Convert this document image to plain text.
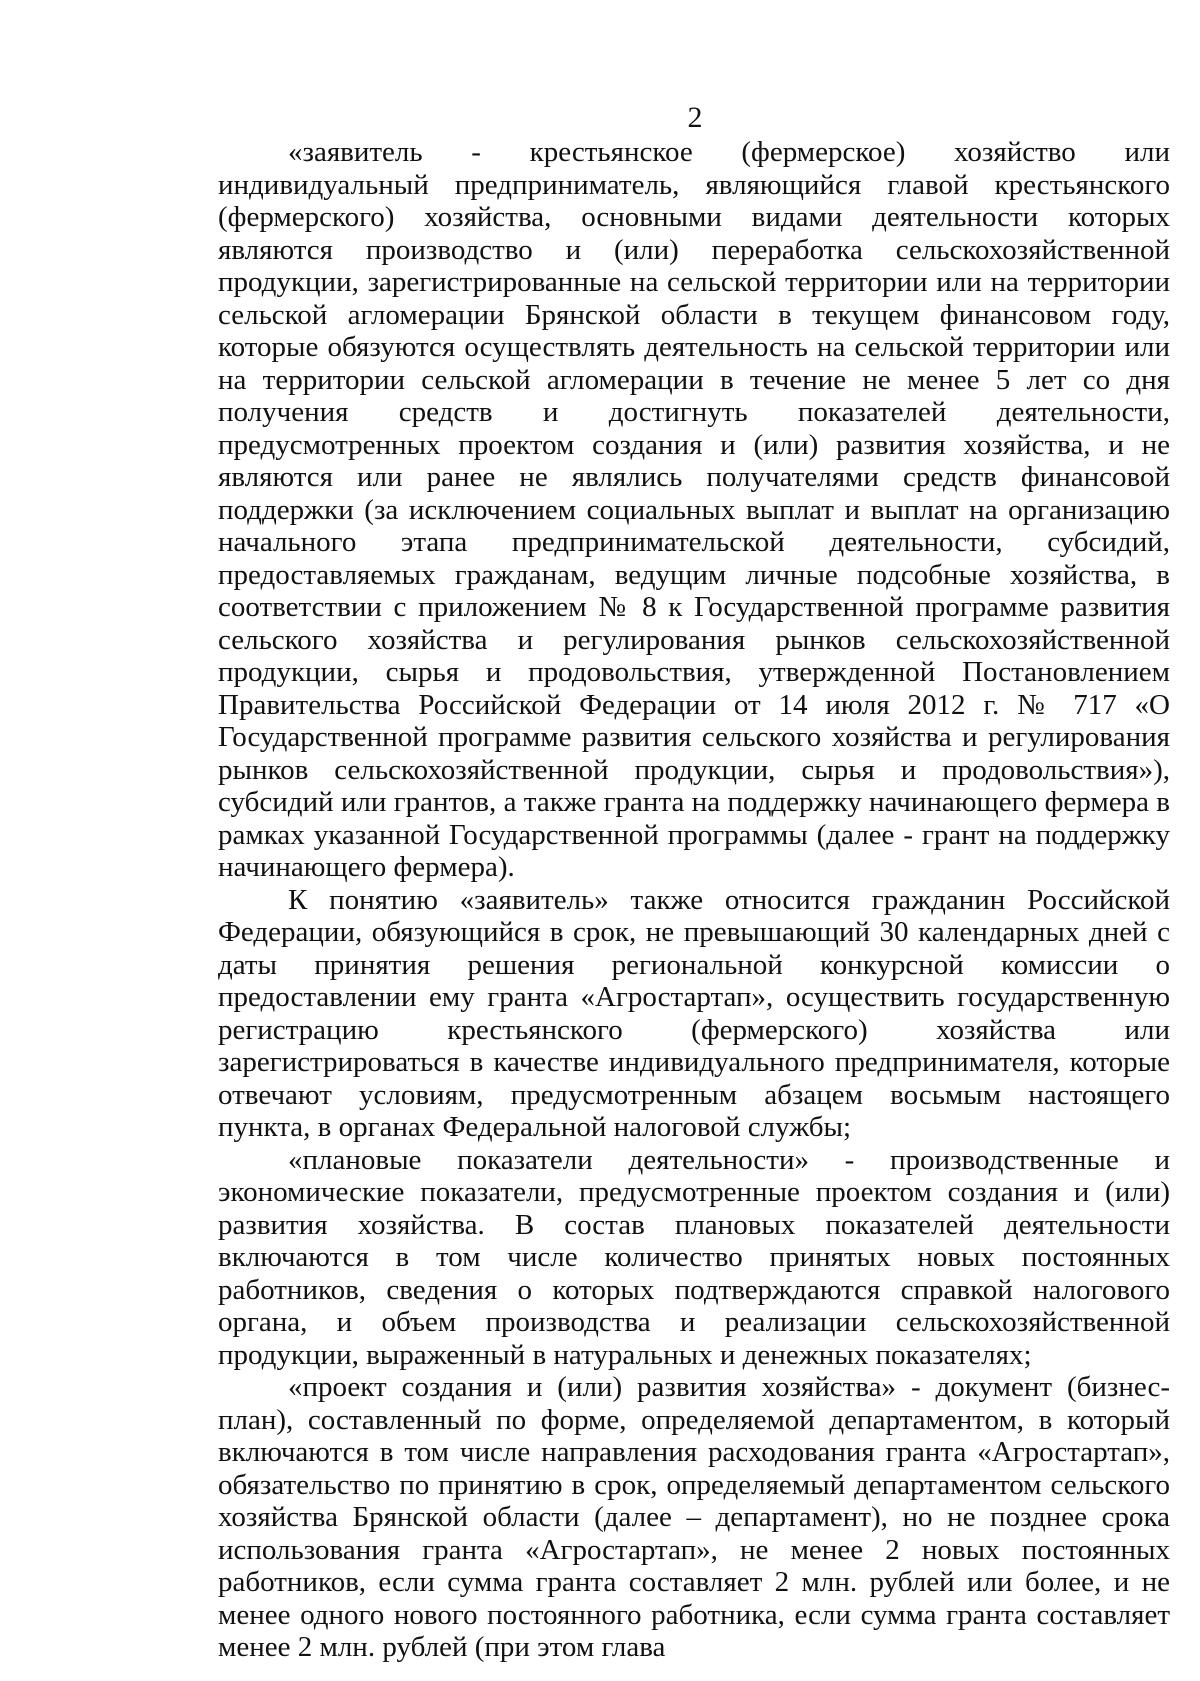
2

«заявитель - крестьянское (фермерское) хозяйство или индивидуальный предприниматель, являющийся главой крестьянского (фермерского) хозяйства, основными видами деятельности которых являются производство и (или) переработка сельскохозяйственной продукции, зарегистрированные на сельской территории или на территории сельской агломерации Брянской области в текущем финансовом году, которые обязуются осуществлять деятельность на сельской территории или на территории сельской агломерации в течение не менее 5 лет со дня получения средств и достигнуть показателей деятельности, предусмотренных проектом создания и (или) развития хозяйства, и не являются или ранее не являлись получателями средств финансовой поддержки (за исключением социальных выплат и выплат на организацию начального этапа предпринимательской деятельности, субсидий, предоставляемых гражданам, ведущим личные подсобные хозяйства, в соответствии с приложением № 8 к Государственной программе развития сельского хозяйства и регулирования рынков сельскохозяйственной продукции, сырья и продовольствия, утвержденной Постановлением Правительства Российской Федерации от 14 июля 2012 г. № 717 «О Государственной программе развития сельского хозяйства и регулирования рынков сельскохозяйственной продукции, сырья и продовольствия»), субсидий или грантов, а также гранта на поддержку начинающего фермера в рамках указанной Государственной программы (далее - грант на поддержку начинающего фермера).

К понятию «заявитель» также относится гражданин Российской Федерации, обязующийся в срок, не превышающий 30 календарных дней с даты принятия решения региональной конкурсной комиссии о предоставлении ему гранта «Агростартап», осуществить государственную регистрацию крестьянского (фермерского) хозяйства или зарегистрироваться в качестве индивидуального предпринимателя, которые отвечают условиям, предусмотренным абзацем восьмым настоящего пункта, в органах Федеральной налоговой службы;

«плановые показатели деятельности» - производственные и экономические показатели, предусмотренные проектом создания и (или) развития хозяйства. В состав плановых показателей деятельности включаются в том числе количество принятых новых постоянных работников, сведения о которых подтверждаются справкой налогового органа, и объем производства и реализации сельскохозяйственной продукции, выраженный в натуральных и денежных показателях;

«проект создания и (или) развития хозяйства» - документ (бизнес-план), составленный по форме, определяемой департаментом, в который включаются в том числе направления расходования гранта «Агростартап», обязательство по принятию в срок, определяемый департаментом сельского хозяйства Брянской области (далее – департамент), но не позднее срока использования гранта «Агростартап», не менее 2 новых постоянных работников, если сумма гранта составляет 2 млн. рублей или более, и не менее одного нового постоянного работника, если сумма гранта составляет менее 2 млн. рублей (при этом глава
